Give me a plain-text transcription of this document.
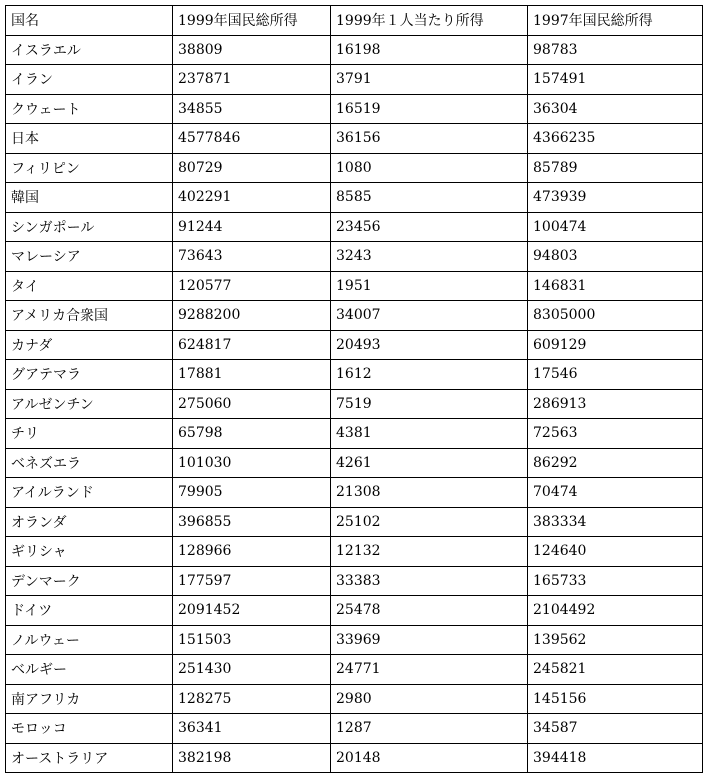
国名	1999年国民総所得	1999年１人当たり所得	1997年国民総所得
イスラエル	38809	16198	98783
イラン	237871	3791	157491
クウェート	34855	16519	36304
日本	4577846	36156	4366235
フィリピン	80729	1080	85789
韓国	402291	8585	473939
シンガポール	91244	23456	100474
マレーシア	73643	3243	94803
タイ	120577	1951	146831
アメリカ合衆国	9288200	34007	8305000
カナダ	624817	20493	609129
グアテマラ	17881	1612	17546
アルゼンチン	275060	7519	286913
チリ	65798	4381	72563
ベネズエラ	101030	4261	86292
アイルランド	79905	21308	70474
オランダ	396855	25102	383334
ギリシャ	128966	12132	124640
デンマーク	177597	33383	165733
ドイツ	2091452	25478	2104492
ノルウェー	151503	33969	139562
ベルギー	251430	24771	245821
南アフリカ	128275	2980	145156
モロッコ	36341	1287	34587
オーストラリア	382198	20148	394418
